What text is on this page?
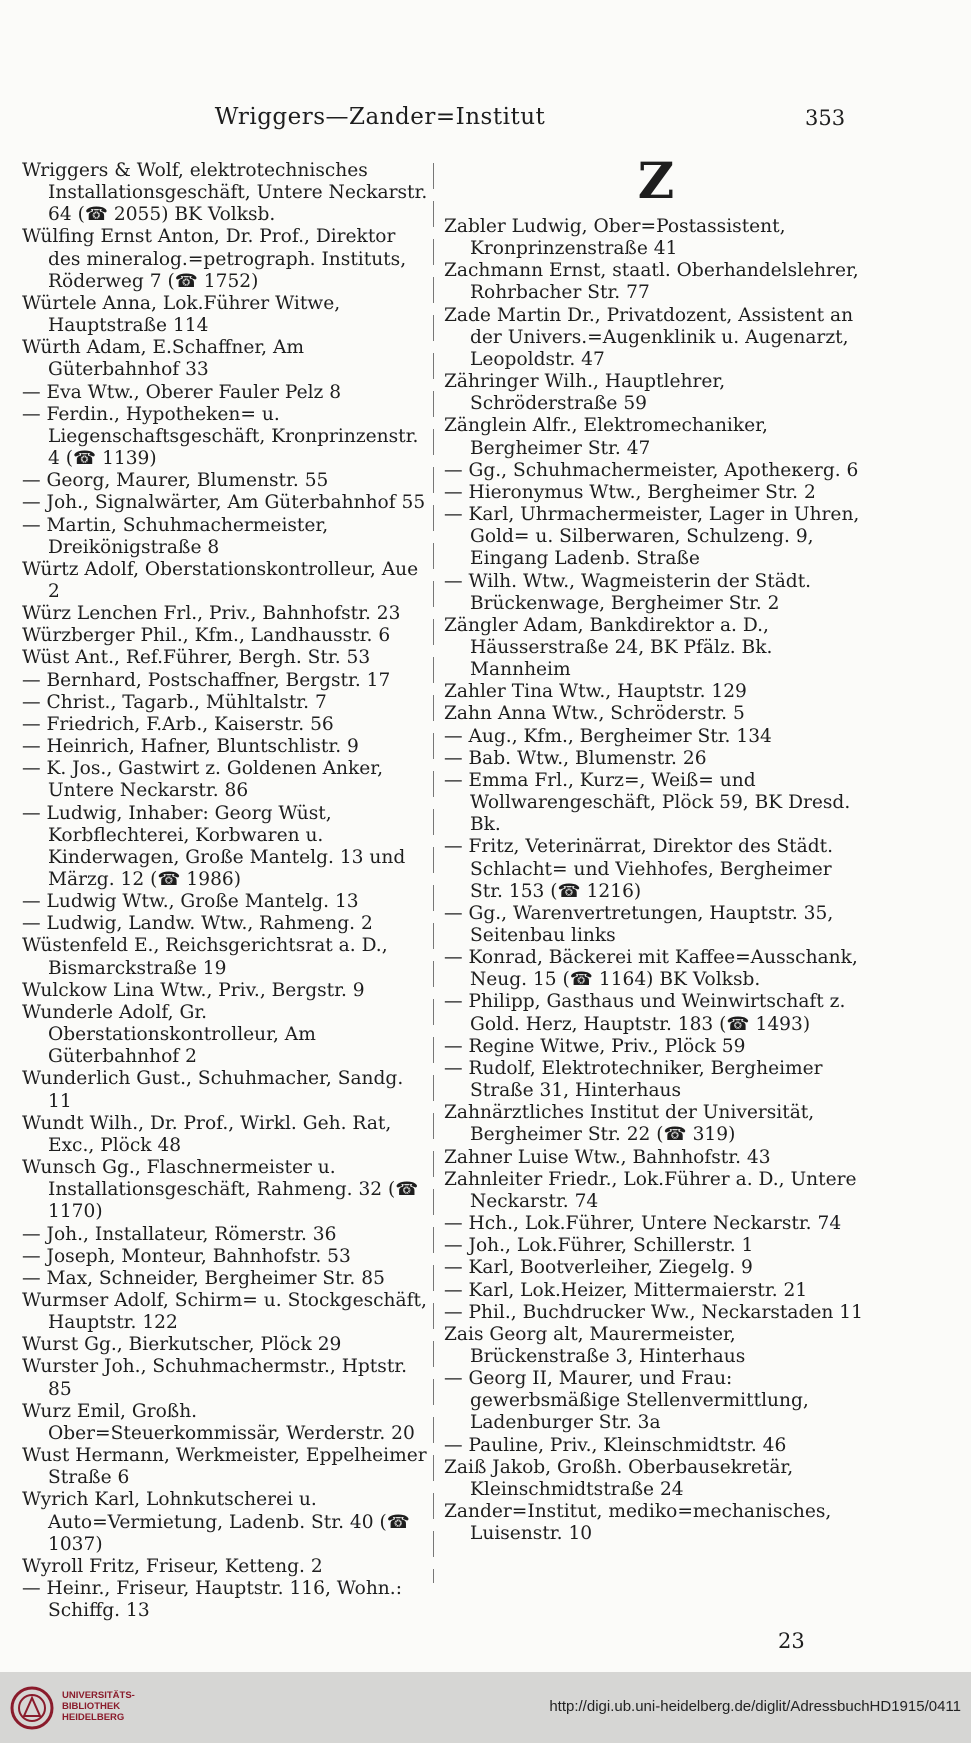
Wriggers—Zander=Institut	353

Wriggers & Wolf, elektrotechnisches Installationsgeschäft, Untere Neckarstr. 64 (☎ 2055) BK Volksb.

Wülfing Ernst Anton, Dr. Prof., Direktor des mineralog.=petrograph. Instituts, Röderweg 7 (☎ 1752)

Würtele Anna, Lok.Führer Witwe, Hauptstraße 114

Würth Adam, E.Schaffner, Am Güterbahnhof 33

— Eva Wtw., Oberer Fauler Pelz 8

— Ferdin., Hypotheken= u. Liegenschaftsgeschäft, Kronprinzenstr. 4 (☎ 1139)

— Georg, Maurer, Blumenstr. 55

— Joh., Signalwärter, Am Güterbahnhof 55

— Martin, Schuhmachermeister, Dreikönigstraße 8

Würtz Adolf, Oberstationskontrolleur, Aue 2

Würz Lenchen Frl., Priv., Bahnhofstr. 23

Würzberger Phil., Kfm., Landhausstr. 6

Wüst Ant., Ref.Führer, Bergh. Str. 53

— Bernhard, Postschaffner, Bergstr. 17

— Christ., Tagarb., Mühltalstr. 7

— Friedrich, F.Arb., Kaiserstr. 56

— Heinrich, Hafner, Bluntschlistr. 9

— K. Jos., Gastwirt z. Goldenen Anker, Untere Neckarstr. 86

— Ludwig, Inhaber: Georg Wüst, Korbflechterei, Korbwaren u. Kinderwagen, Große Mantelg. 13 und Märzg. 12 (☎ 1986)

— Ludwig Wtw., Große Mantelg. 13

— Ludwig, Landw. Wtw., Rahmeng. 2

Wüstenfeld E., Reichsgerichtsrat a. D., Bismarckstraße 19

Wulckow Lina Wtw., Priv., Bergstr. 9

Wunderle Adolf, Gr. Oberstationskontrolleur, Am Güterbahnhof 2

Wunderlich Gust., Schuhmacher, Sandg. 11

Wundt Wilh., Dr. Prof., Wirkl. Geh. Rat, Exc., Plöck 48

Wunsch Gg., Flaschnermeister u. Installationsgeschäft, Rahmeng. 32 (☎ 1170)

— Joh., Installateur, Römerstr. 36

— Joseph, Monteur, Bahnhofstr. 53

— Max, Schneider, Bergheimer Str. 85

Wurmser Adolf, Schirm= u. Stockgeschäft, Hauptstr. 122

Wurst Gg., Bierkutscher, Plöck 29

Wurster Joh., Schuhmachermstr., Hptstr. 85

Wurz Emil, Großh. Ober=Steuerkommissär, Werderstr. 20

Wust Hermann, Werkmeister, Eppelheimer Straße 6

Wyrich Karl, Lohnkutscherei u. Auto=Vermietung, Ladenb. Str. 40 (☎ 1037)

Wyroll Fritz, Friseur, Ketteng. 2

— Heinr., Friseur, Hauptstr. 116, Wohn.: Schiffg. 13

Z

Zabler Ludwig, Ober=Postassistent, Kronprinzenstraße 41

Zachmann Ernst, staatl. Oberhandelslehrer, Rohrbacher Str. 77

Zade Martin Dr., Privatdozent, Assistent an der Univers.=Augenklinik u. Augenarzt, Leopoldstr. 47

Zähringer Wilh., Hauptlehrer, Schröderstraße 59

Zänglein Alfr., Elektromechaniker, Bergheimer Str. 47

— Gg., Schuhmachermeister, Apotheкerg. 6

— Hieronymus Wtw., Bergheimer Str. 2

— Karl, Uhrmachermeister, Lager in Uhren, Gold= u. Silberwaren, Schulzeng. 9, Eingang Ladenb. Straße

— Wilh. Wtw., Wagmeisterin der Städt. Brückenwage, Bergheimer Str. 2

Zängler Adam, Bankdirektor a. D., Häusserstraße 24, BK Pfälz. Bk. Mannheim

Zahler Tina Wtw., Hauptstr. 129

Zahn Anna Wtw., Schröderstr. 5

— Aug., Kfm., Bergheimer Str. 134

— Bab. Wtw., Blumenstr. 26

— Emma Frl., Kurz=, Weiß= und Wollwarengeschäft, Plöck 59, BK Dresd. Bk.

— Fritz, Veterinärrat, Direktor des Städt. Schlacht= und Viehhofes, Bergheimer Str. 153 (☎ 1216)

— Gg., Warenvertretungen, Hauptstr. 35, Seitenbau links

— Konrad, Bäckerei mit Kaffee=Ausschank, Neug. 15 (☎ 1164) BK Volksb.

— Philipp, Gasthaus und Weinwirtschaft z. Gold. Herz, Hauptstr. 183 (☎ 1493)

— Regine Witwe, Priv., Plöck 59

— Rudolf, Elektrotechniker, Bergheimer Straße 31, Hinterhaus

Zahnärztliches Institut der Universität, Bergheimer Str. 22 (☎ 319)

Zahner Luise Wtw., Bahnhofstr. 43

Zahnleiter Friedr., Lok.Führer a. D., Untere Neckarstr. 74

— Hch., Lok.Führer, Untere Neckarstr. 74

— Joh., Lok.Führer, Schillerstr. 1

— Karl, Bootverleiher, Ziegelg. 9

— Karl, Lok.Heizer, Mittermaierstr. 21

— Phil., Buchdrucker Ww., Neckarstaden 11

Zais Georg alt, Maurermeister, Brückenstraße 3, Hinterhaus

— Georg II, Maurer, und Frau: gewerbsmäßige Stellenvermittlung, Ladenburger Str. 3a

— Pauline, Priv., Kleinschmidtstr. 46

Zaiß Jakob, Großh. Oberbausekretär, Kleinschmidtstraße 24

Zander=Institut, mediko=mechanisches, Luisenstr. 10

23
UNIVERSITÄTS-
BIBLIOTHEK
HEIDELBERG
http://digi.ub.uni-heidelberg.de/diglit/AdressbuchHD1915/0411
